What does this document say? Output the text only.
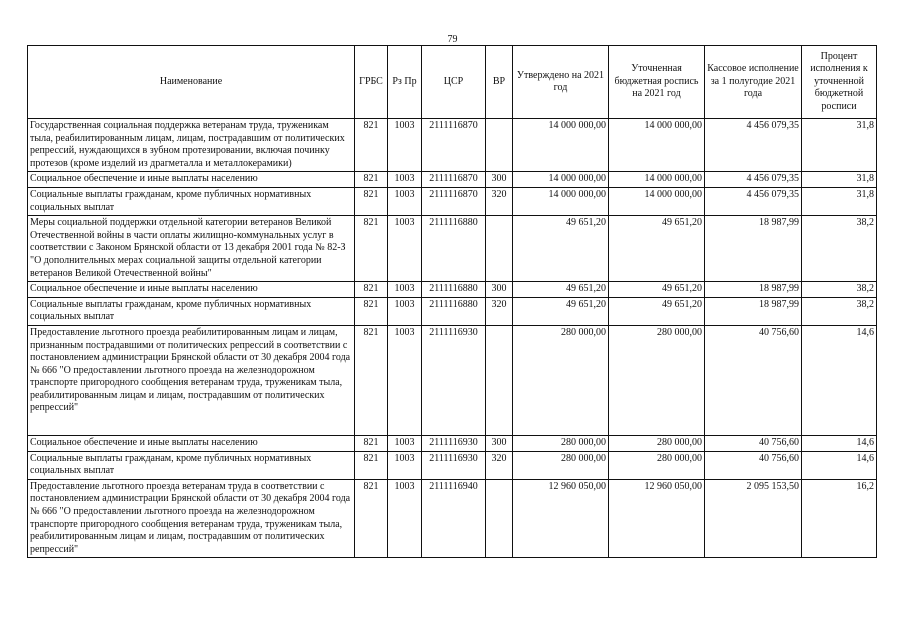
79
Наименование	ГРБС	Рз Пр	ЦСР	ВР	Утверждено на 2021 год	Уточненная бюджетная роспись на 2021 год	Кассовое исполнение за 1 полугодие 2021 года	Процент исполнения к уточненной бюджетной росписи
Государственная социальная поддержка ветеранам труда, труженикам тыла, реабилитированным лицам, лицам, пострадавшим от политических репрессий, нуждающихся в зубном протезировании, включая починку протезов (кроме изделий из драгметалла и металлокерамики)	821	1003	2111116870		14 000 000,00	14 000 000,00	4 456 079,35	31,8
Социальное обеспечение и иные выплаты населению	821	1003	2111116870	300	14 000 000,00	14 000 000,00	4 456 079,35	31,8
Социальные выплаты гражданам, кроме публичных нормативных социальных выплат	821	1003	2111116870	320	14 000 000,00	14 000 000,00	4 456 079,35	31,8
Меры социальной поддержки отдельной категории ветеранов Великой Отечественной войны в части оплаты жилищно-коммунальных услуг в соответствии с Законом Брянской области от 13 декабря 2001 года № 82-З "О дополнительных мерах социальной защиты отдельной категории ветеранов Великой Отечественной войны"	821	1003	2111116880		49 651,20	49 651,20	18 987,99	38,2
Социальное обеспечение и иные выплаты населению	821	1003	2111116880	300	49 651,20	49 651,20	18 987,99	38,2
Социальные выплаты гражданам, кроме публичных нормативных социальных выплат	821	1003	2111116880	320	49 651,20	49 651,20	18 987,99	38,2
Предоставление льготного проезда реабилитированным лицам и лицам, признанным пострадавшими от политических репрессий в соответствии с постановлением администрации Брянской области от 30 декабря 2004 года № 666 "О предоставлении льготного проезда на железнодорожном транспорте пригородного сообщения ветеранам труда, труженикам тыла, реабилитированным лицам и лицам, пострадавшим от политических репрессий"	821	1003	2111116930		280 000,00	280 000,00	40 756,60	14,6
Социальное обеспечение и иные выплаты населению	821	1003	2111116930	300	280 000,00	280 000,00	40 756,60	14,6
Социальные выплаты гражданам, кроме публичных нормативных социальных выплат	821	1003	2111116930	320	280 000,00	280 000,00	40 756,60	14,6
Предоставление льготного проезда ветеранам труда в соответствии с постановлением администрации Брянской области от 30 декабря 2004 года № 666 "О предоставлении льготного проезда на железнодорожном транспорте пригородного сообщения ветеранам труда, труженикам тыла, реабилитированным лицам и лицам, пострадавшим от политических репрессий"	821	1003	2111116940		12 960 050,00	12 960 050,00	2 095 153,50	16,2
